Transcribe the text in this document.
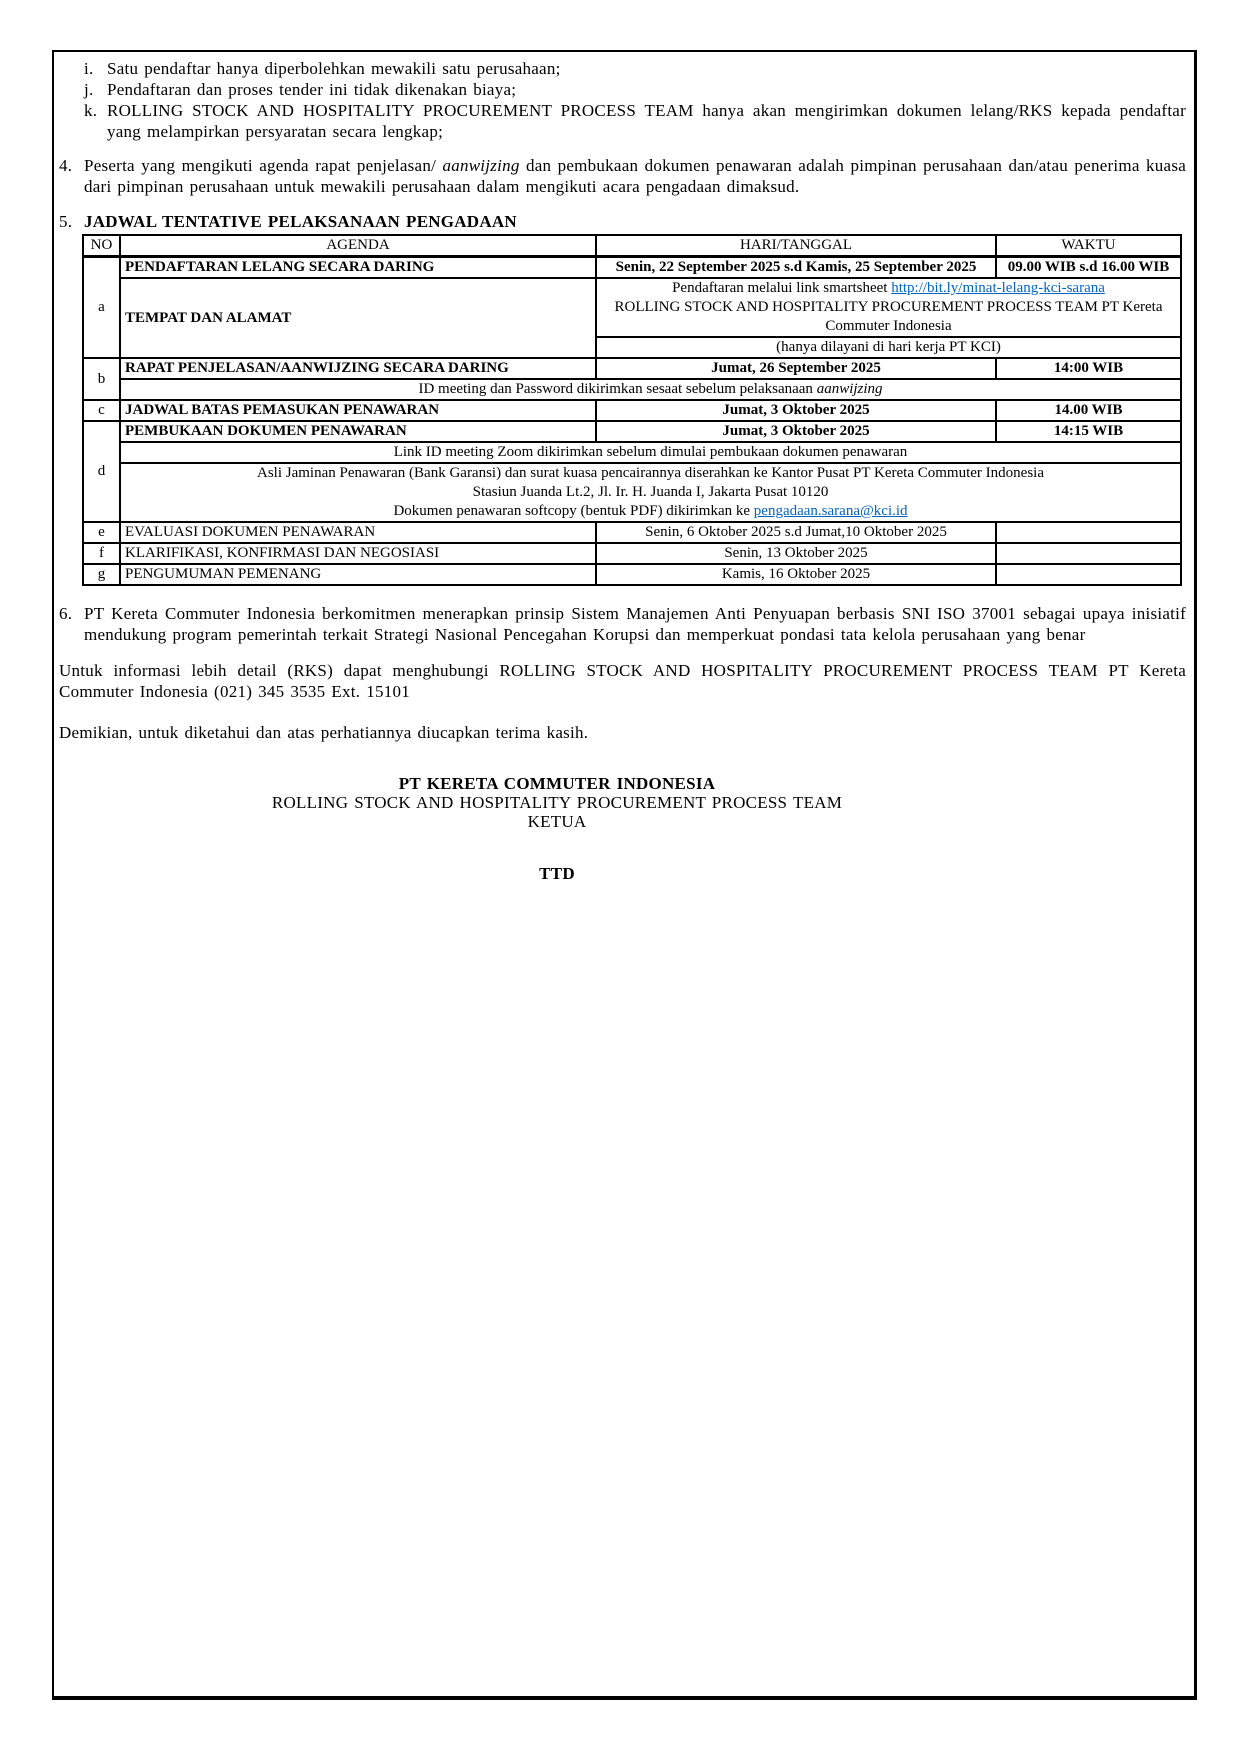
i. Satu pendaftar hanya diperbolehkan mewakili satu perusahaan;
j. Pendaftaran dan proses tender ini tidak dikenakan biaya;
k. ROLLING STOCK AND HOSPITALITY PROCUREMENT PROCESS TEAM hanya akan mengirimkan dokumen lelang/RKS kepada pendaftar yang melampirkan persyaratan secara lengkap;
4. Peserta yang mengikuti agenda rapat penjelasan/ aanwijzing dan pembukaan dokumen penawaran adalah pimpinan perusahaan dan/atau penerima kuasa dari pimpinan perusahaan untuk mewakili perusahaan dalam mengikuti acara pengadaan dimaksud.
5. JADWAL TENTATIVE PELAKSANAAN PENGADAAN
NO	AGENDA	HARI/TANGGAL	WAKTU
a	PENDAFTARAN LELANG SECARA DARING	Senin, 22 September 2025 s.d Kamis, 25 September 2025	09.00 WIB s.d 16.00 WIB
	TEMPAT DAN ALAMAT	Pendaftaran melalui link smartsheet http://bit.ly/minat-lelang-kci-sarana
ROLLING STOCK AND HOSPITALITY PROCUREMENT PROCESS TEAM PT Kereta Commuter Indonesia	

		(hanya dilayani di hari kerja PT KCI)	
b	RAPAT PENJELASAN/AANWIJZING SECARA DARING	Jumat, 26 September 2025	14:00 WIB
	ID meeting dan Password dikirimkan sesaat sebelum pelaksanaan aanwijzing		
c	JADWAL BATAS PEMASUKAN PENAWARAN	Jumat, 3 Oktober 2025	14.00 WIB
d	PEMBUKAAN DOKUMEN PENAWARAN	Jumat, 3 Oktober 2025	14:15 WIB
	Link ID meeting Zoom dikirimkan sebelum dimulai pembukaan dokumen penawaran		

	Asli Jaminan Penawaran (Bank Garansi) dan surat kuasa pencairannya diserahkan ke Kantor Pusat PT Kereta Commuter Indonesia
Stasiun Juanda Lt.2, Jl. Ir. H. Juanda I, Jakarta Pusat 10120
Dokumen penawaran softcopy (bentuk PDF) dikirimkan ke pengadaan.sarana@kci.id		

e	EVALUASI DOKUMEN PENAWARAN	Senin, 6 Oktober 2025 s.d Jumat,10 Oktober 2025	
f	KLARIFIKASI, KONFIRMASI DAN NEGOSIASI	Senin, 13 Oktober 2025	
g	PENGUMUMAN PEMENANG	Kamis, 16 Oktober 2025	
6. PT Kereta Commuter Indonesia berkomitmen menerapkan prinsip Sistem Manajemen Anti Penyuapan berbasis SNI ISO 37001 sebagai upaya inisiatif mendukung program pemerintah terkait Strategi Nasional Pencegahan Korupsi dan memperkuat pondasi tata kelola perusahaan yang benar

Untuk informasi lebih detail (RKS) dapat menghubungi ROLLING STOCK AND HOSPITALITY PROCUREMENT PROCESS TEAM PT Kereta Commuter Indonesia (021) 345 3535 Ext. 15101

Demikian, untuk diketahui dan atas perhatiannya diucapkan terima kasih.

PT KERETA COMMUTER INDONESIA
ROLLING STOCK AND HOSPITALITY PROCUREMENT PROCESS TEAM
KETUA
TTD
